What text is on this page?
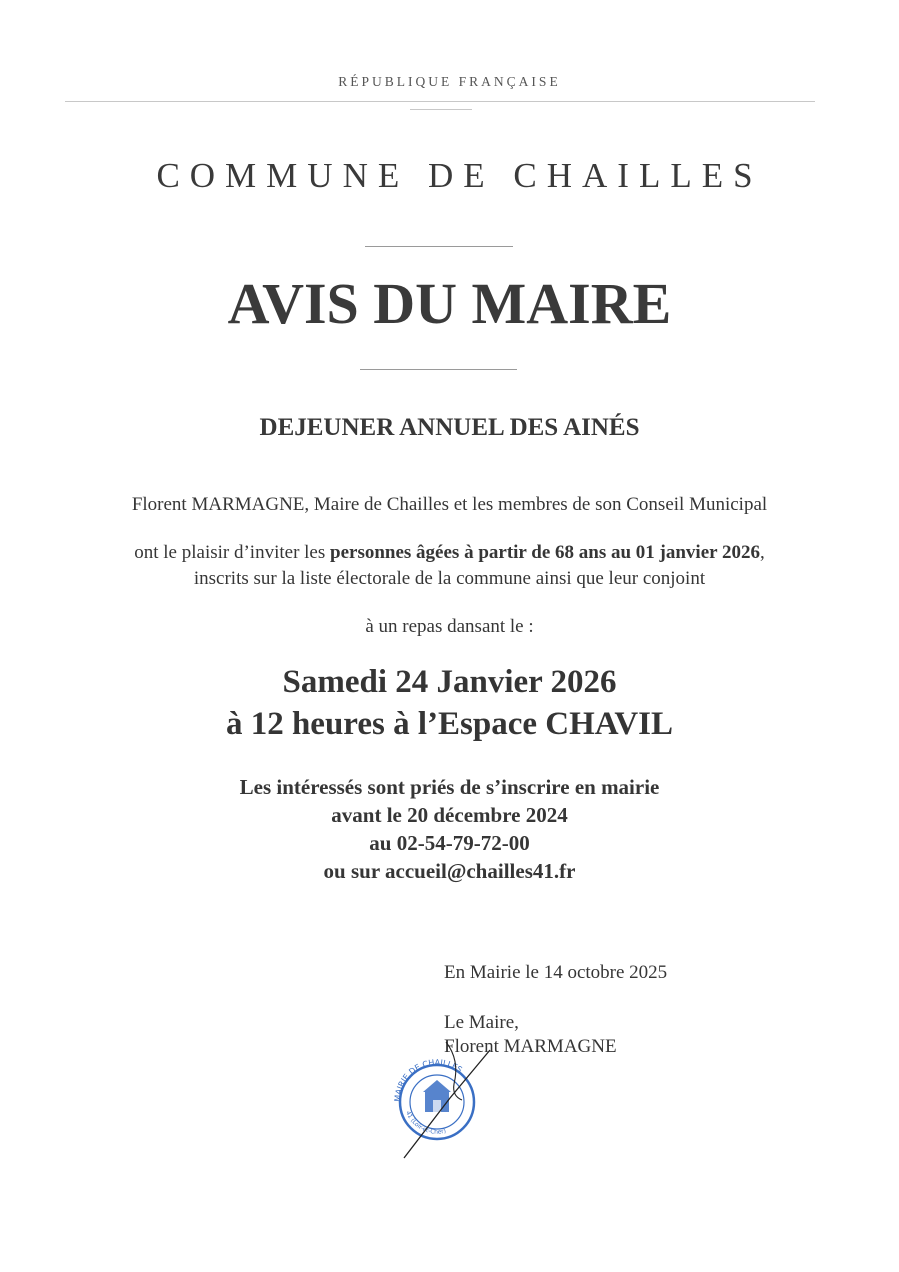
RÉPUBLIQUE FRANÇAISE
COMMUNE DE CHAILLES
AVIS DU MAIRE
DEJEUNER ANNUEL DES AINÉS
Florent MARMAGNE, Maire de Chailles et les membres de son Conseil Municipal
ont le plaisir d’inviter les personnes âgées à partir de 68 ans au 01 janvier 2026,
inscrits sur la liste électorale de la commune ainsi que leur conjoint
à un repas dansant le :
Samedi 24 Janvier 2026
à 12 heures à l’Espace CHAVIL
Les intéressés sont priés de s’inscrire en mairie
avant le 20 décembre 2024
au 02-54-79-72-00
ou sur accueil@chailles41.fr
En Mairie le 14 octobre 2025
Le Maire,
Florent MARMAGNE
MAIRIE DE CHAILLES
41 (Loir-et-Cher)
